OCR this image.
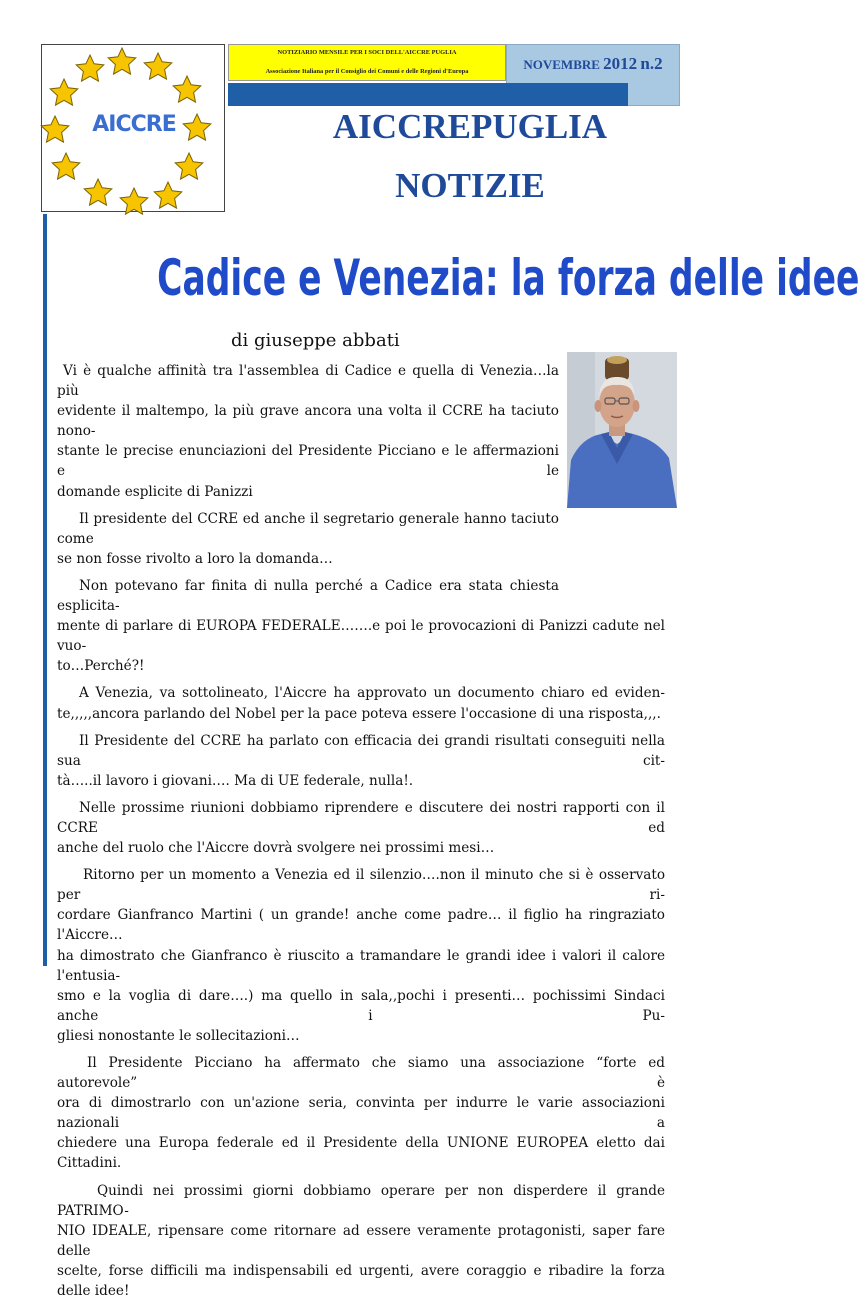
AICCRE
NOTIZIARIO MENSILE PER I SOCI DELL'AICCRE PUGLIA
Associazione Italiana per il Consiglio dei Comuni e delle Regioni d'Europa	NOVEMBRE 2012 n.2
AICCREPUGLIA
NOTIZIE
Cadice e Venezia: la forza delle idee
di giuseppe abbati

Vi è qualche affinità tra l'assemblea di Cadice e quella di Venezia…la più
evidente il maltempo, la più grave ancora una volta il CCRE ha taciuto nono-
stante le precise enunciazioni del Presidente Picciano e le affermazioni e le
domande esplicite di Panizzi

Il presidente del CCRE ed anche il segretario generale hanno taciuto come
se non fosse rivolto a loro la domanda…

Non potevano far finita di nulla perché a Cadice era stata chiesta esplicita-
mente di parlare di EUROPA FEDERALE…….e poi le provocazioni di Panizzi cadute nel vuo-
to…Perché?!

A Venezia, va sottolineato, l'Aiccre ha approvato un documento chiaro ed eviden-
te,,,,,ancora parlando del Nobel per la pace poteva essere l'occasione di una risposta,,,.

Il Presidente del CCRE ha parlato con efficacia dei grandi risultati conseguiti nella sua cit-
tà…..il lavoro i giovani…. Ma di UE federale, nulla!.

Nelle prossime riunioni dobbiamo riprendere e discutere dei nostri rapporti con il CCRE ed
anche del ruolo che l'Aiccre dovrà svolgere nei prossimi mesi…

Ritorno per un momento a Venezia ed il silenzio….non il minuto che si è osservato per ri-
cordare Gianfranco Martini ( un grande! anche come padre… il figlio ha ringraziato l'Aiccre…
ha dimostrato che Gianfranco è riuscito a tramandare le grandi idee i valori il calore l'entusia-
smo e la voglia di dare….) ma quello in sala,,pochi i presenti… pochissimi Sindaci anche i Pu-
gliesi nonostante le sollecitazioni…

Il Presidente Picciano ha affermato che siamo una associazione “forte ed autorevole” è
ora di dimostrarlo con un'azione seria, convinta per indurre le varie associazioni nazionali a
chiedere una Europa federale ed il Presidente della UNIONE EUROPEA eletto dai Cittadini.

Quindi nei prossimi giorni dobbiamo operare per non disperdere il grande PATRIMO-
NIO IDEALE, ripensare come ritornare ad essere veramente protagonisti, saper fare delle
scelte, forse difficili ma indispensabili ed urgenti, avere coraggio e ribadire la forza delle idee!
